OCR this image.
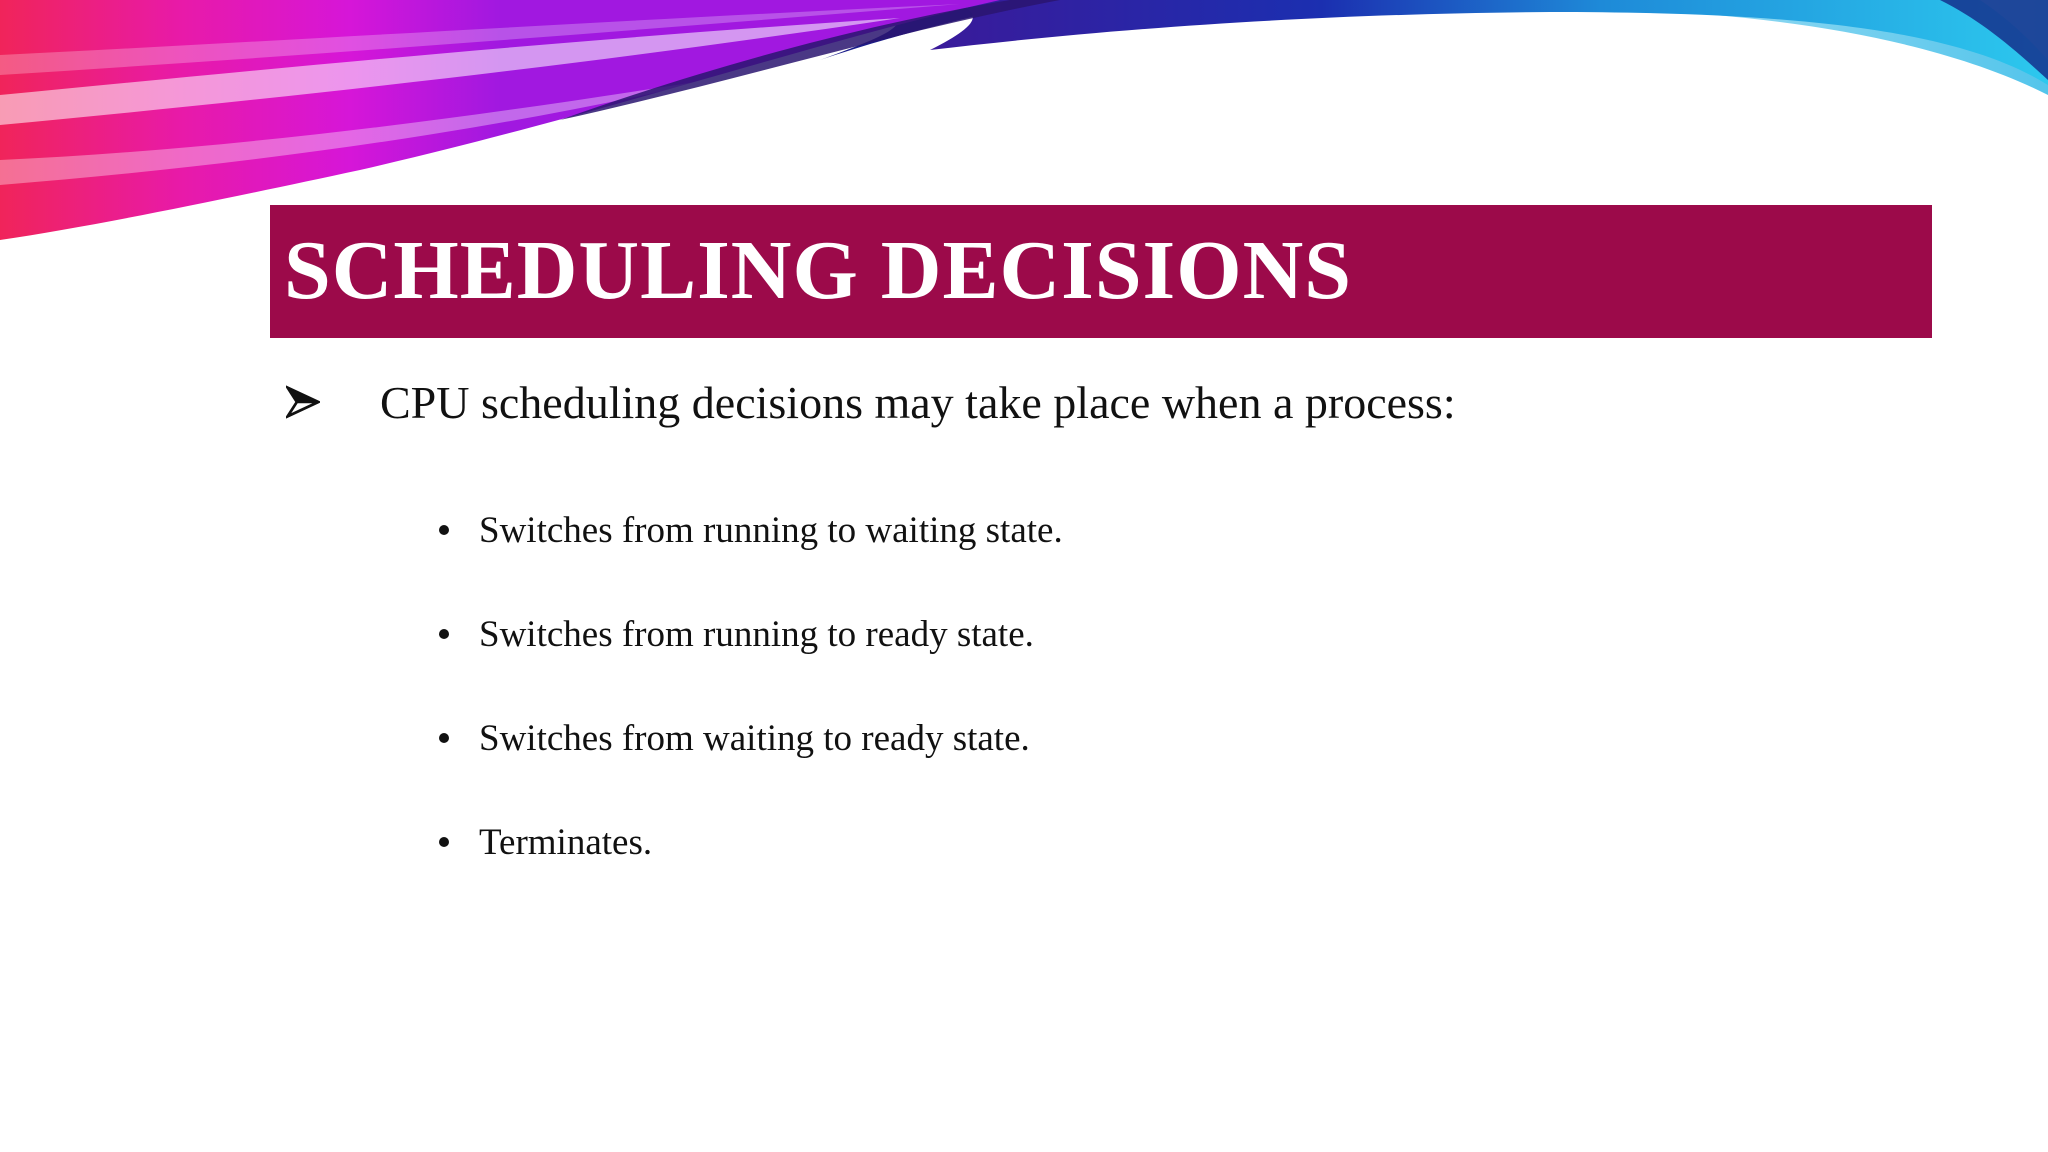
SCHEDULING DECISIONS
CPU scheduling decisions may take place when a process:
Switches from running to waiting state.
Switches from running to ready state.
Switches from waiting to ready state.
Terminates.
